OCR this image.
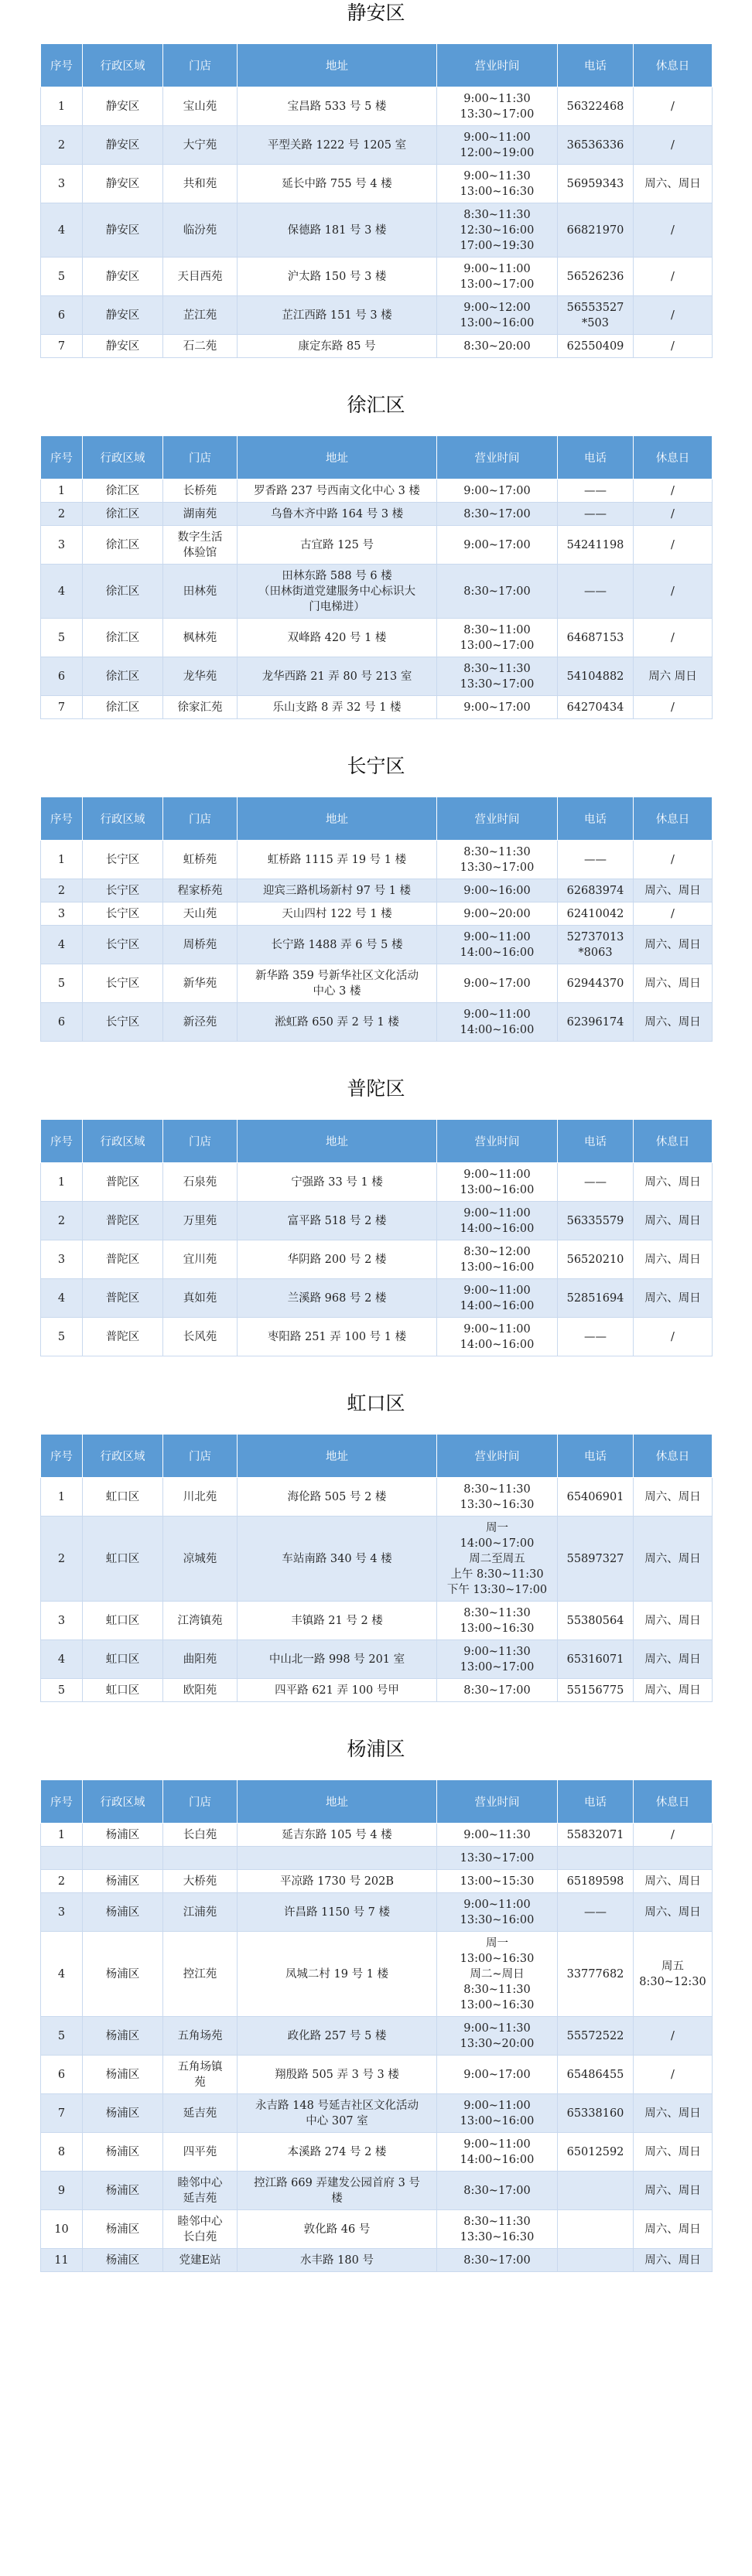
静安区
序号	行政区域	门店	地址	营业时间	电话	休息日
1	静安区	宝山苑	宝昌路 533 号 5 楼	9:00~11:30
13:30~17:00	56322468	/
2	静安区	大宁苑	平型关路 1222 号 1205 室	9:00~11:00
12:00~19:00	36536336	/
3	静安区	共和苑	延长中路 755 号 4 楼	9:00~11:30
13:00~16:30	56959343	周六、周日
4	静安区	临汾苑	保德路 181 号 3 楼	8:30~11:30
12:30~16:00
17:00~19:30	66821970	/
5	静安区	天目西苑	沪太路 150 号 3 楼	9:00~11:00
13:00~17:00	56526236	/
6	静安区	芷江苑	芷江西路 151 号 3 楼	9:00~12:00
13:00~16:00	56553527
*503	/
7	静安区	石二苑	康定东路 85 号	8:30~20:00	62550409	/
徐汇区
序号	行政区域	门店	地址	营业时间	电话	休息日
1	徐汇区	长桥苑	罗香路 237 号西南文化中心 3 楼	9:00~17:00	——	/
2	徐汇区	湖南苑	乌鲁木齐中路 164 号 3 楼	8:30~17:00	——	/
3	徐汇区	数字生活
体验馆	古宜路 125 号	9:00~17:00	54241198	/
4	徐汇区	田林苑	田林东路 588 号 6 楼
（田林街道党建服务中心标识大
门电梯进）	8:30~17:00	——	/
5	徐汇区	枫林苑	双峰路 420 号 1 楼	8:30~11:00
13:00~17:00	64687153	/
6	徐汇区	龙华苑	龙华西路 21 弄 80 号 213 室	8:30~11:30
13:30~17:00	54104882	周六 周日
7	徐汇区	徐家汇苑	乐山支路 8 弄 32 号 1 楼	9:00~17:00	64270434	/
长宁区
序号	行政区域	门店	地址	营业时间	电话	休息日
1	长宁区	虹桥苑	虹桥路 1115 弄 19 号 1 楼	8:30~11:30
13:30~17:00	——	/
2	长宁区	程家桥苑	迎宾三路机场新村 97 号 1 楼	9:00~16:00	62683974	周六、周日
3	长宁区	天山苑	天山四村 122 号 1 楼	9:00~20:00	62410042	/
4	长宁区	周桥苑	长宁路 1488 弄 6 号 5 楼	9:00~11:00
14:00~16:00	52737013
*8063	周六、周日
5	长宁区	新华苑	新华路 359 号新华社区文化活动
中心 3 楼	9:00~17:00	62944370	周六、周日
6	长宁区	新泾苑	淞虹路 650 弄 2 号 1 楼	9:00~11:00
14:00~16:00	62396174	周六、周日
普陀区
序号	行政区域	门店	地址	营业时间	电话	休息日
1	普陀区	石泉苑	宁强路 33 号 1 楼	9:00~11:00
13:00~16:00	——	周六、周日
2	普陀区	万里苑	富平路 518 号 2 楼	9:00~11:00
14:00~16:00	56335579	周六、周日
3	普陀区	宜川苑	华阴路 200 号 2 楼	8:30~12:00
13:00~16:00	56520210	周六、周日
4	普陀区	真如苑	兰溪路 968 号 2 楼	9:00~11:00
14:00~16:00	52851694	周六、周日
5	普陀区	长风苑	枣阳路 251 弄 100 号 1 楼	9:00~11:00
14:00~16:00	——	/
虹口区
序号	行政区域	门店	地址	营业时间	电话	休息日
1	虹口区	川北苑	海伦路 505 号 2 楼	8:30~11:30
13:30~16:30	65406901	周六、周日
2	虹口区	凉城苑	车站南路 340 号 4 楼	周一
14:00~17:00
周二至周五
上午 8:30~11:30
下午 13:30~17:00	55897327	周六、周日
3	虹口区	江湾镇苑	丰镇路 21 号 2 楼	8:30~11:30
13:00~16:30	55380564	周六、周日
4	虹口区	曲阳苑	中山北一路 998 号 201 室	9:00~11:30
13:00~17:00	65316071	周六、周日
5	虹口区	欧阳苑	四平路 621 弄 100 号甲	8:30~17:00	55156775	周六、周日
杨浦区
序号	行政区域	门店	地址	营业时间	电话	休息日
1	杨浦区	长白苑	延吉东路 105 号 4 楼	9:00~11:30	55832071	/
				13:30~17:00		
2	杨浦区	大桥苑	平凉路 1730 号 202B	13:00~15:30	65189598	周六、周日
3	杨浦区	江浦苑	许昌路 1150 号 7 楼	9:00~11:00
13:30~16:00	——	周六、周日
4	杨浦区	控江苑	凤城二村 19 号 1 楼	周一
13:00~16:30
周二~周日
8:30~11:30
13:00~16:30	33777682	周五
8:30~12:30
5	杨浦区	五角场苑	政化路 257 号 5 楼	9:00~11:30
13:30~20:00	55572522	/
6	杨浦区	五角场镇
苑	翔殷路 505 弄 3 号 3 楼	9:00~17:00	65486455	/
7	杨浦区	延吉苑	永吉路 148 号延吉社区文化活动
中心 307 室	9:00~11:00
13:00~16:00	65338160	周六、周日
8	杨浦区	四平苑	本溪路 274 号 2 楼	9:00~11:00
14:00~16:00	65012592	周六、周日
9	杨浦区	睦邻中心
延吉苑	控江路 669 弄建发公园首府 3 号
楼	8:30~17:00		周六、周日
10	杨浦区	睦邻中心
长白苑	敦化路 46 号	8:30~11:30
13:30~16:30		周六、周日
11	杨浦区	党建E站	水丰路 180 号	8:30~17:00		周六、周日
